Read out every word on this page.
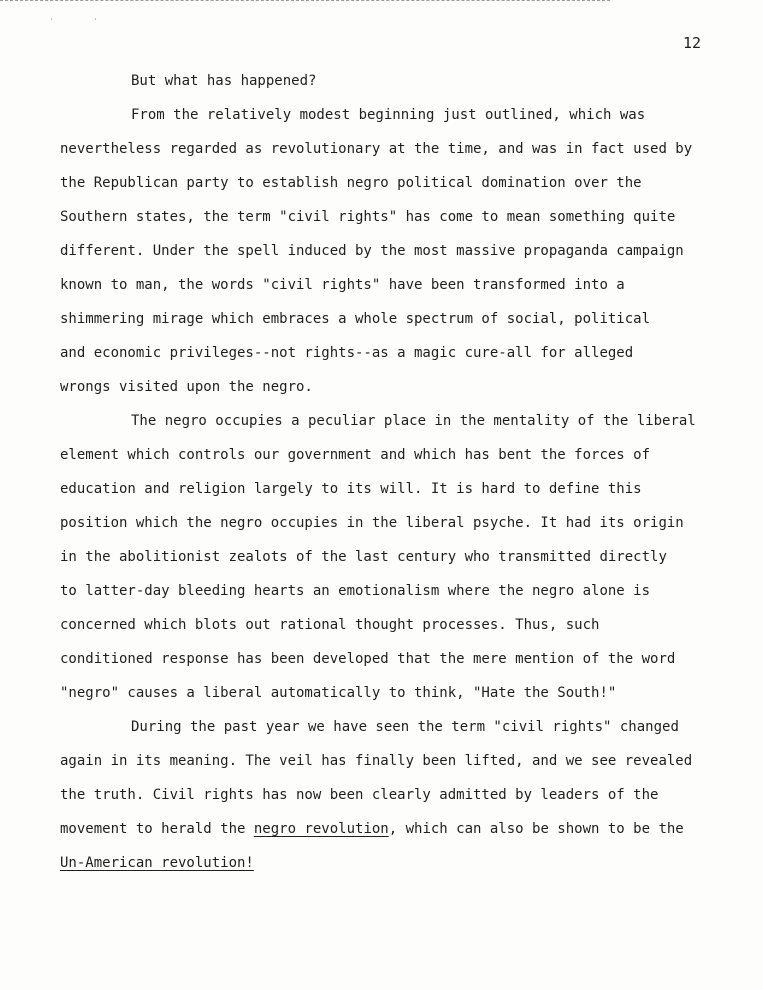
··
12

But what has happened?

From the relatively modest beginning just outlined, which was
nevertheless regarded as revolutionary at the time, and was in fact used by
the Republican party to establish negro political domination over the
Southern states, the term "civil rights" has come to mean something quite
different. Under the spell induced by the most massive propaganda campaign
known to man, the words "civil rights" have been transformed into a
shimmering mirage which embraces a whole spectrum of social, political
and economic privileges--not rights--as a magic cure-all for alleged
wrongs visited upon the negro.

The negro occupies a peculiar place in the mentality of the liberal
element which controls our government and which has bent the forces of
education and religion largely to its will. It is hard to define this
position which the negro occupies in the liberal psyche. It had its origin
in the abolitionist zealots of the last century who transmitted directly
to latter-day bleeding hearts an emotionalism where the negro alone is
concerned which blots out rational thought processes. Thus, such
conditioned response has been developed that the mere mention of the word
"negro" causes a liberal automatically to think, "Hate the South!"

During the past year we have seen the term "civil rights" changed
again in its meaning. The veil has finally been lifted, and we see revealed
the truth. Civil rights has now been clearly admitted by leaders of the
movement to herald the negro revolution, which can also be shown to be the
Un-American revolution!
